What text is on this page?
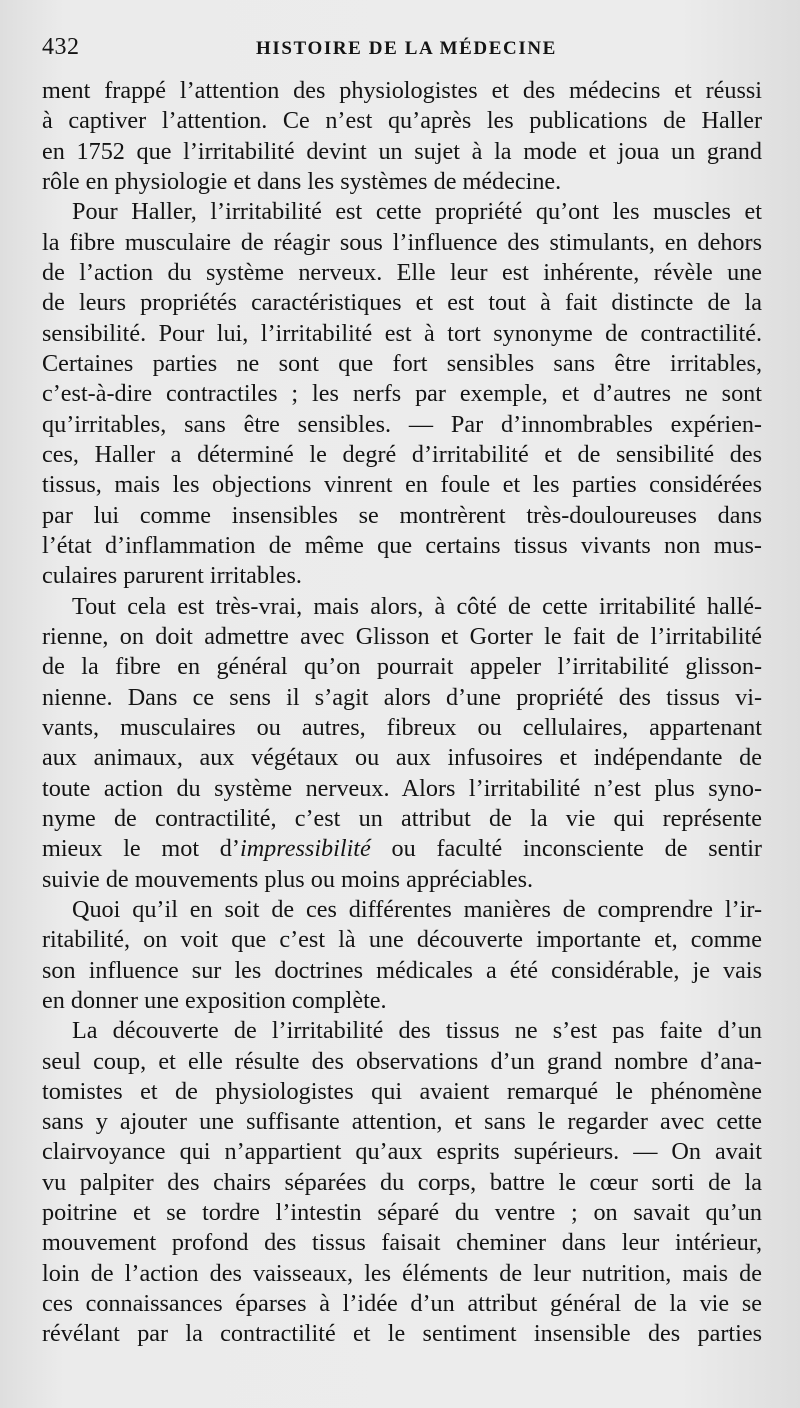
432	HISTOIRE DE LA MÉDECINE
ment frappé l’attention des physiologistes et des médecins et réussi
à captiver l’attention. Ce n’est qu’après les publications de Haller
en 1752 que l’irritabilité devint un sujet à la mode et joua un grand
rôle en physiologie et dans les systèmes de médecine.
Pour Haller, l’irritabilité est cette propriété qu’ont les muscles et
la fibre musculaire de réagir sous l’influence des stimulants, en dehors
de l’action du système nerveux. Elle leur est inhérente, révèle une
de leurs propriétés caractéristiques et est tout à fait distincte de la
sensibilité. Pour lui, l’irritabilité est à tort synonyme de contractilité.
Certaines parties ne sont que fort sensibles sans être irritables,
c’est-à-dire contractiles ; les nerfs par exemple, et d’autres ne sont
qu’irritables, sans être sensibles. — Par d’innombrables expérien-
ces, Haller a déterminé le degré d’irritabilité et de sensibilité des
tissus, mais les objections vinrent en foule et les parties considérées
par lui comme insensibles se montrèrent très-douloureuses dans
l’état d’inflammation de même que certains tissus vivants non mus-
culaires parurent irritables.
Tout cela est très-vrai, mais alors, à côté de cette irritabilité hallé-
rienne, on doit admettre avec Glisson et Gorter le fait de l’irritabilité
de la fibre en général qu’on pourrait appeler l’irritabilité glisson-
nienne. Dans ce sens il s’agit alors d’une propriété des tissus vi-
vants, musculaires ou autres, fibreux ou cellulaires, appartenant
aux animaux, aux végétaux ou aux infusoires et indépendante de
toute action du système nerveux. Alors l’irritabilité n’est plus syno-
nyme de contractilité, c’est un attribut de la vie qui représente
mieux le mot d’impressibilité ou faculté inconsciente de sentir
suivie de mouvements plus ou moins appréciables.
Quoi qu’il en soit de ces différentes manières de comprendre l’ir-
ritabilité, on voit que c’est là une découverte importante et, comme
son influence sur les doctrines médicales a été considérable, je vais
en donner une exposition complète.
La découverte de l’irritabilité des tissus ne s’est pas faite d’un
seul coup, et elle résulte des observations d’un grand nombre d’ana-
tomistes et de physiologistes qui avaient remarqué le phénomène
sans y ajouter une suffisante attention, et sans le regarder avec cette
clairvoyance qui n’appartient qu’aux esprits supérieurs. — On avait
vu palpiter des chairs séparées du corps, battre le cœur sorti de la
poitrine et se tordre l’intestin séparé du ventre ; on savait qu’un
mouvement profond des tissus faisait cheminer dans leur intérieur,
loin de l’action des vaisseaux, les éléments de leur nutrition, mais de
ces connaissances éparses à l’idée d’un attribut général de la vie se
révélant par la contractilité et le sentiment insensible des parties
